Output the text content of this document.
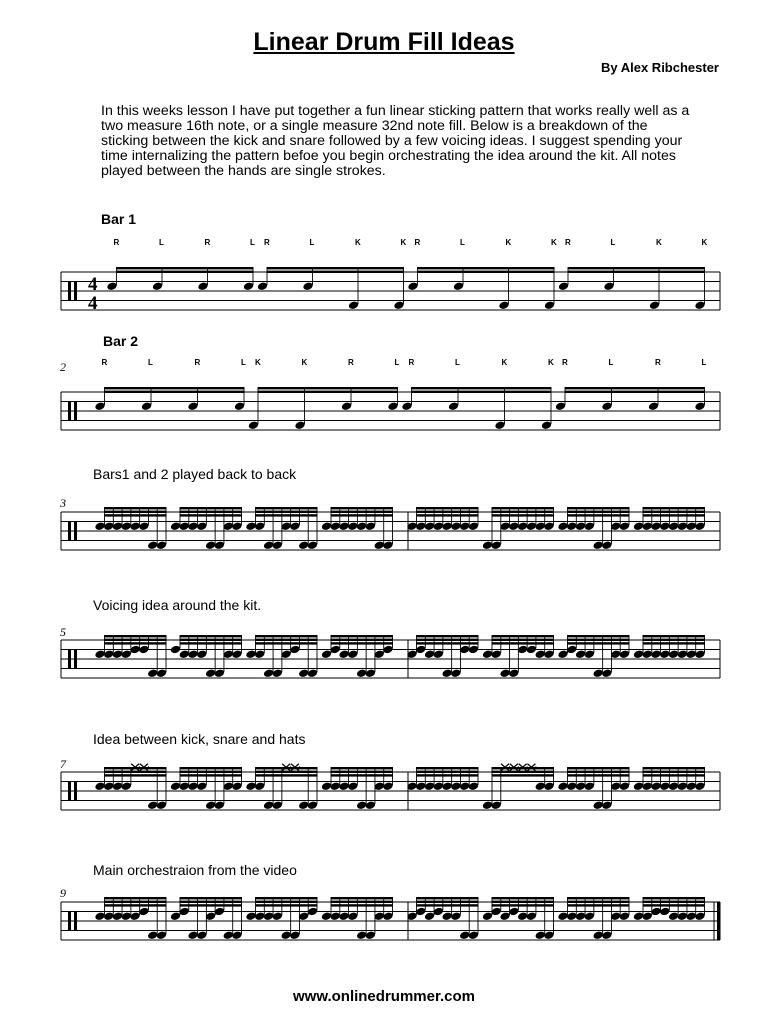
Linear Drum Fill Ideas
By Alex Ribchester

In this weeks lesson I have put together a fun linear sticking pattern that works really well as a two measure 16th note, or a single measure 32nd note fill. Below is a breakdown of the sticking between the kick and snare followed by a few voicing ideas. I suggest spending your time internalizing the pattern befoe you begin orchestrating the idea around the kit. All notes played between the hands are single strokes.

Bar 1
4
4
R	L	R	L R	L	K	K R	L	K	K R	L	K	K
Bar 2
2	R	L	R	L K	K	R	L R	L	K	K R	L	R	L
Bars1 and 2 played back to back
3
Voicing idea around the kit.
5
Idea between kick, snare and hats
7
Main orchestraion from the video
9
www.onlinedrummer.com
